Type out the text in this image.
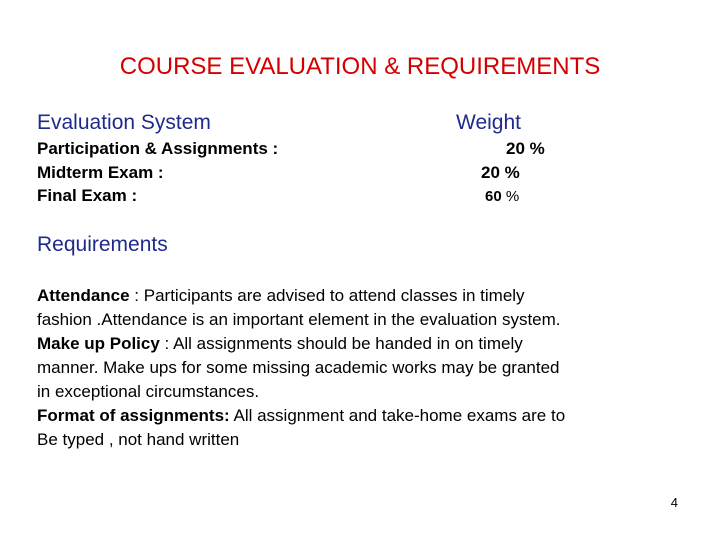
COURSE EVALUATION & REQUIREMENTS
Evaluation System	Weight
Participation & Assignments :	20 %
Midterm Exam :	20 %
Final Exam :	60 %
Requirements
Attendance : Participants are advised to attend classes in timely
fashion .Attendance is an important element in the evaluation system.
Make up Policy : All assignments should be handed in on timely
manner. Make ups for some missing academic works may be granted
in exceptional circumstances.
Format of assignments: All assignment and take-home exams are to
Be typed , not hand written
4
